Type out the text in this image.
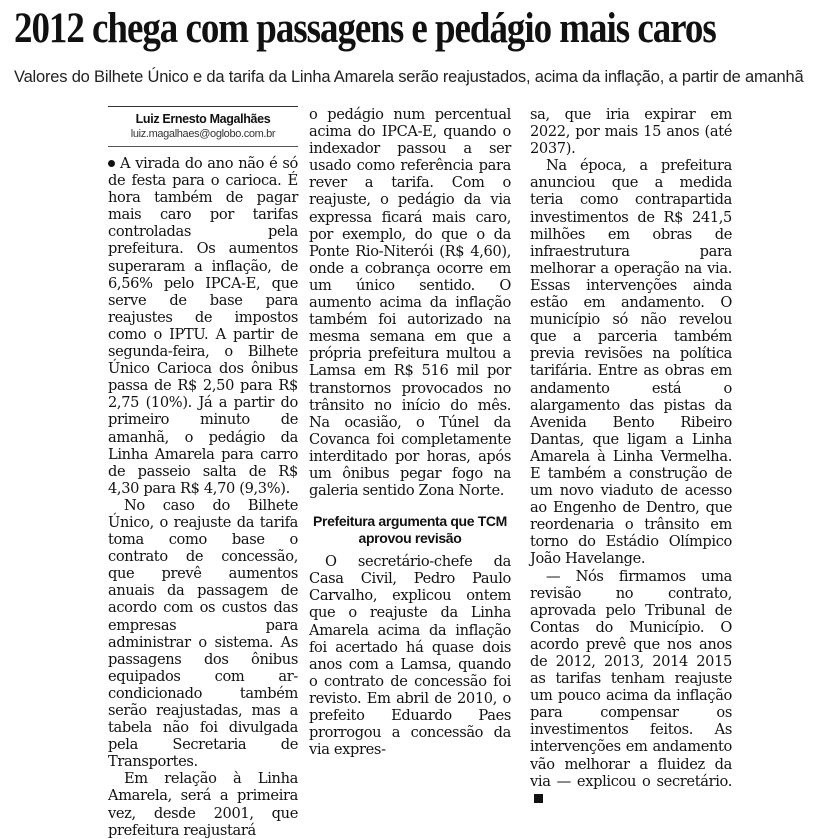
2012 chega com passagens e pedágio mais caros
Valores do Bilhete Único e da tarifa da Linha Amarela serão reajustados, acima da inflação, a partir de amanhã
Luiz Ernesto Magalhães
luiz.magalhaes@oglobo.com.br

A virada do ano não é só de festa para o carioca. É hora também de pagar mais caro por tarifas controladas pela prefeitura. Os aumentos superaram a inflação, de 6,56% pelo IPCA-E, que serve de base para reajustes de impostos como o IPTU. A partir de segunda-feira, o Bilhete Único Carioca dos ônibus passa de R$ 2,50 para R$ 2,75 (10%). Já a partir do primeiro minuto de amanhã, o pedágio da Linha Amarela para carro de passeio salta de R$ 4,30 para R$ 4,70 (9,3%).

No caso do Bilhete Único, o reajuste da tarifa toma como base o contrato de concessão, que prevê aumentos anuais da passagem de acordo com os custos das empresas para administrar o sistema. As passagens dos ônibus equipados com ar-condicionado também serão reajustadas, mas a tabela não foi divulgada pela Secretaria de Transportes.

Em relação à Linha Amarela, será a primeira vez, desde 2001, que prefeitura reajustará

o pedágio num percentual acima do IPCA-E, quando o indexador passou a ser usado como referência para rever a tarifa. Com o reajuste, o pedágio da via expressa ficará mais caro, por exemplo, do que o da Ponte Rio-Niterói (R$ 4,60), onde a cobrança ocorre em um único sentido. O aumento acima da inflação também foi autorizado na mesma semana em que a própria prefeitura multou a Lamsa em R$ 516 mil por transtornos provocados no trânsito no início do mês. Na ocasião, o Túnel da Covanca foi completamente interditado por horas, após um ônibus pegar fogo na galeria sentido Zona Norte.

Prefeitura argumenta que TCM aprovou revisão

O secretário-chefe da Casa Civil, Pedro Paulo Carvalho, explicou ontem que o reajuste da Linha Amarela acima da inflação foi acertado há quase dois anos com a Lamsa, quando o contrato de concessão foi revisto. Em abril de 2010, o prefeito Eduardo Paes prorrogou a concessão da via expres-

sa, que iria expirar em 2022, por mais 15 anos (até 2037).

Na época, a prefeitura anunciou que a medida teria como contrapartida investimentos de R$ 241,5 milhões em obras de infraestrutura para melhorar a operação na via. Essas intervenções ainda estão em andamento. O município só não revelou que a parceria também previa revisões na política tarifária. Entre as obras em andamento está o alargamento das pistas da Avenida Bento Ribeiro Dantas, que ligam a Linha Amarela à Linha Vermelha. E também a construção de um novo viaduto de acesso ao Engenho de Dentro, que reordenaria o trânsito em torno do Estádio Olímpico João Havelange.

— Nós firmamos uma revisão no contrato, aprovada pelo Tribunal de Contas do Município. O acordo prevê que nos anos de 2012, 2013, 2014 2015 as tarifas tenham reajuste um pouco acima da inflação para compensar os investimentos feitos. As intervenções em andamento vão melhorar a fluidez da via — explicou o secretário.
